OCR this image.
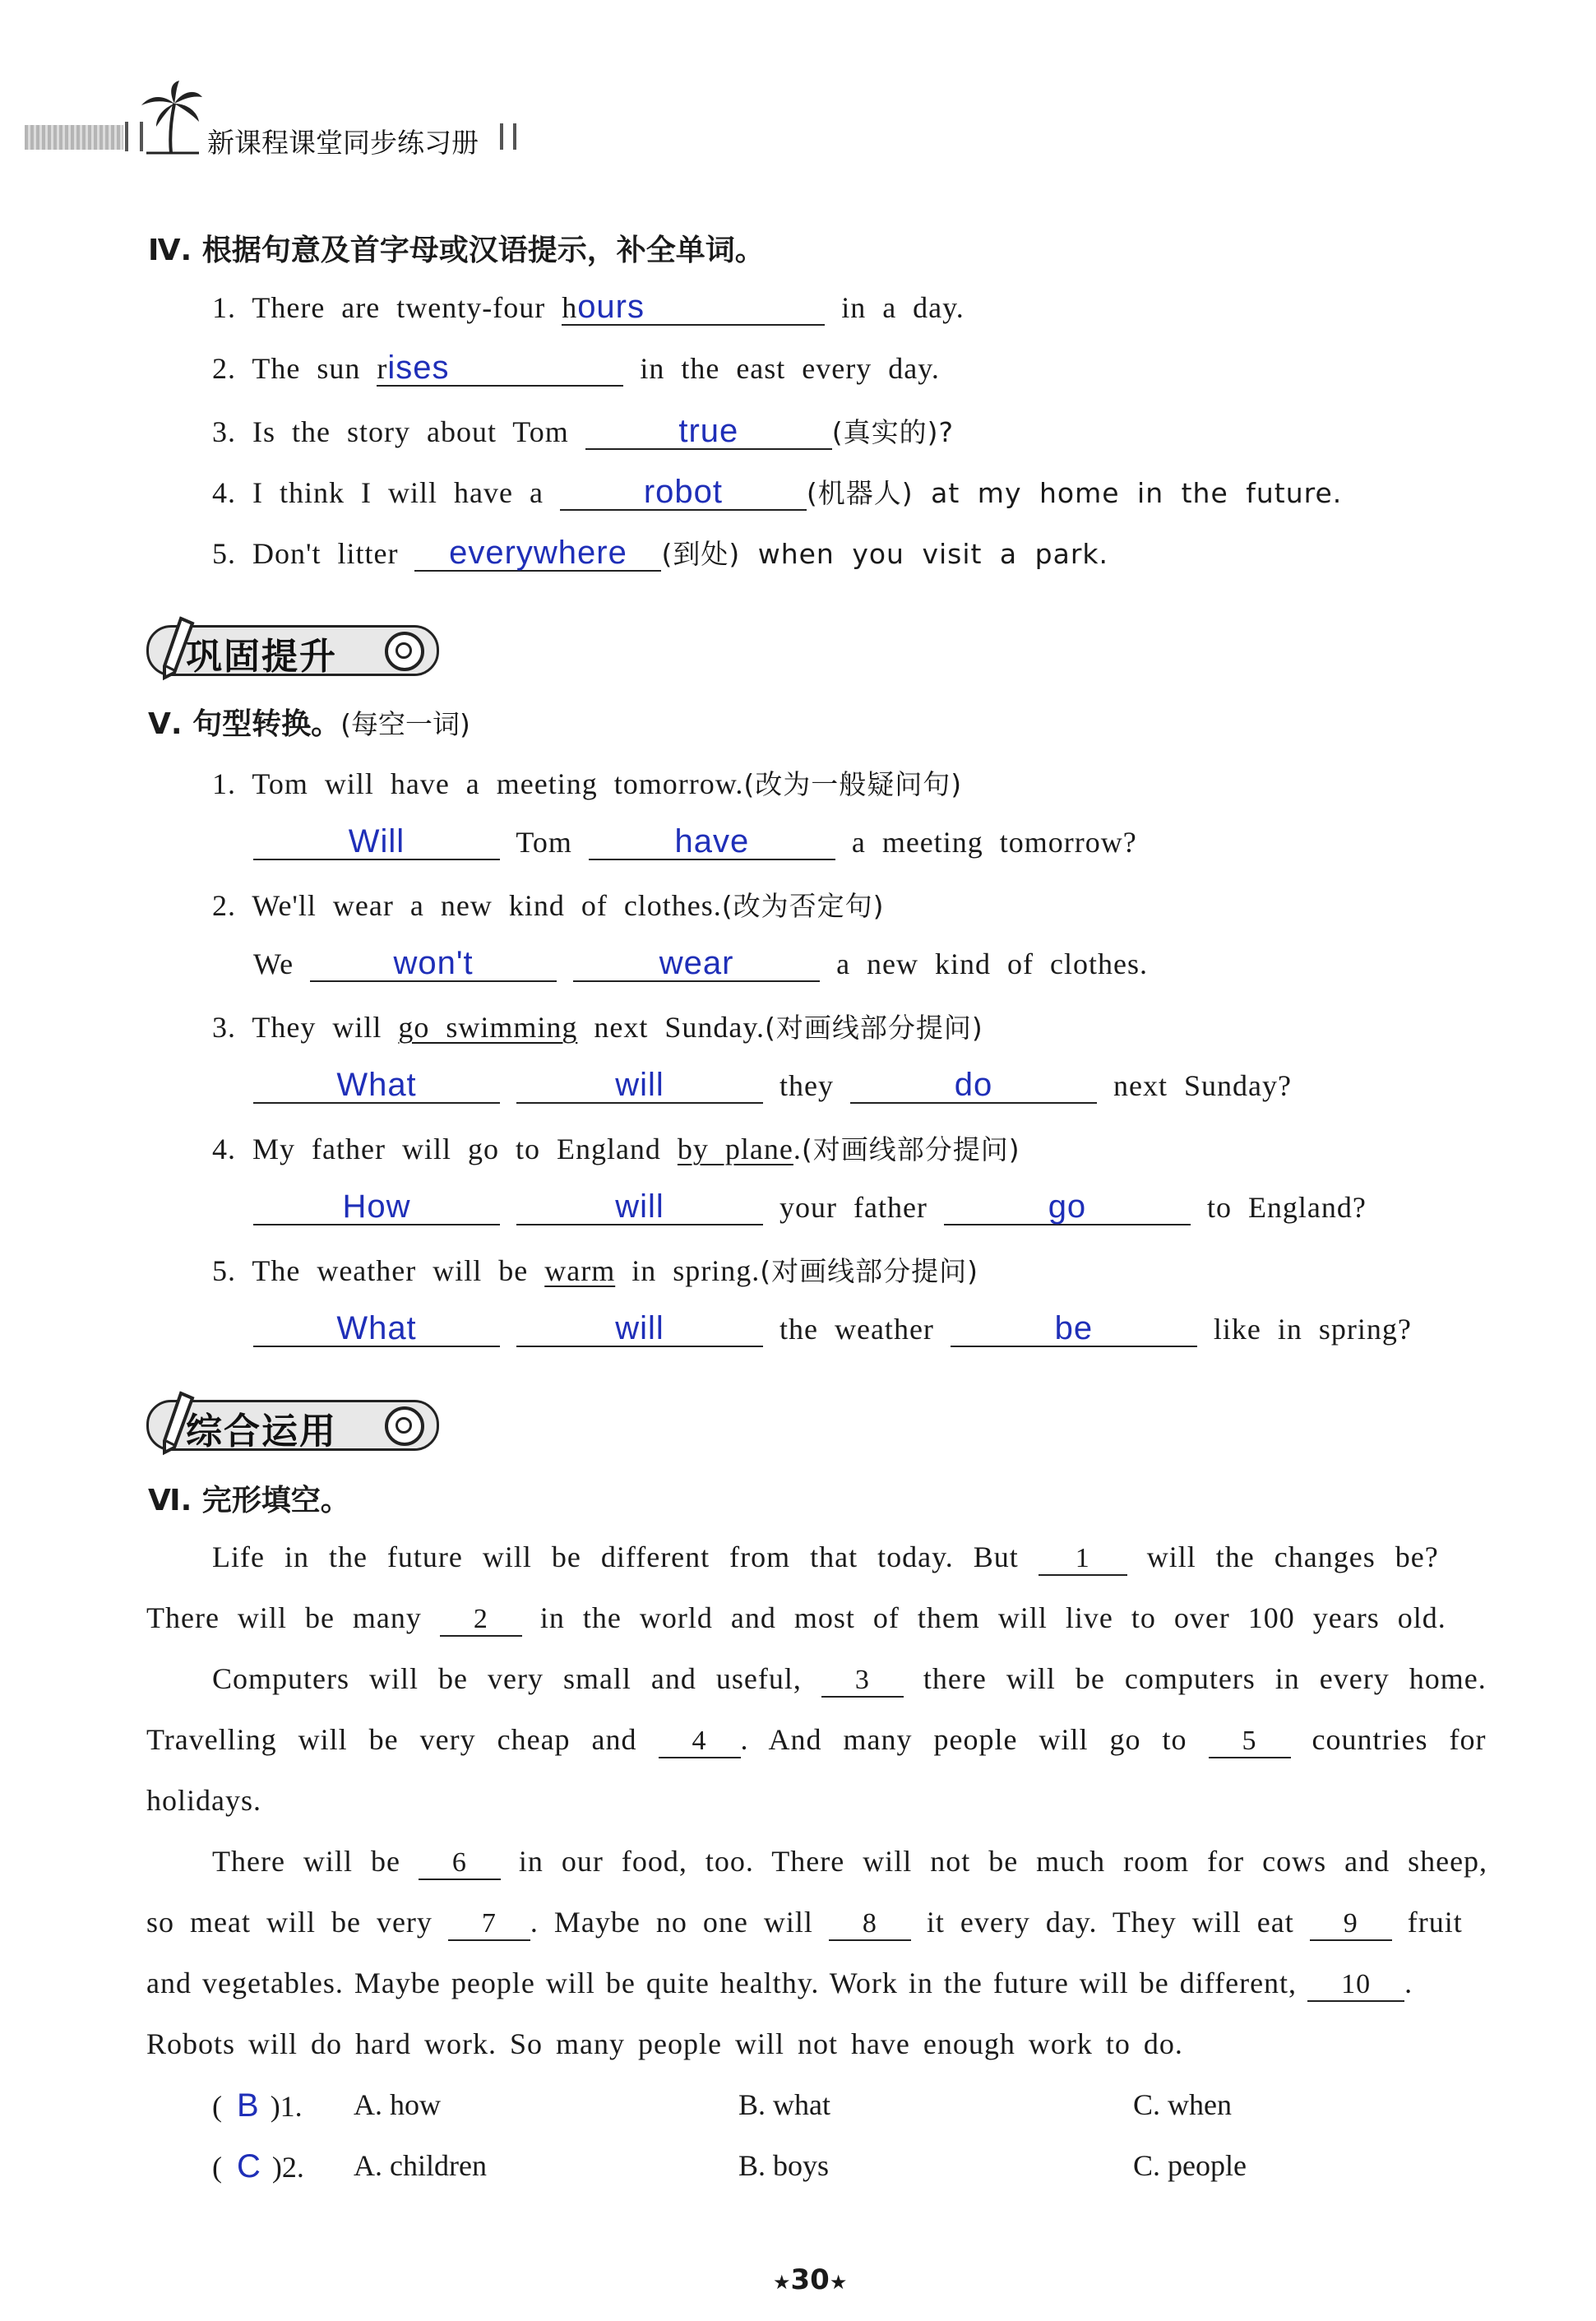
新课程课堂同步练习册
Ⅳ. 根据句意及首字母或汉语提示，补全单词。
1. There are twenty-four hours	in a day.
2. The sun rises	in the east every day.
3. Is the story about Tom	true	(真实的)?
4. I think I will have a	robot	(机器人) at my home in the future.
5. Don't litter everywhere (到处) when you visit a park.
巩固提升
Ⅴ. 句型转换。(每空一词)
1. Tom will have a meeting tomorrow.(改为一般疑问句)
Will	Tom	have	a meeting tomorrow?
2. We'll wear a new kind of clothes.(改为否定句)
We	won't	wear	a new kind of clothes.
3. They will go swimming next Sunday.(对画线部分提问)
What	will	they	do	next Sunday?
4. My father will go to England by plane.(对画线部分提问)
How	will	your father	go	to England?
5. The weather will be warm in spring.(对画线部分提问)
What	will	the weather	be	like in spring?
综合运用
Ⅵ. 完形填空。
Life in the future will be different from that today. But 1 will the changes be?
There will be many 2 in the world and most of them will live to over 100 years old.
Computers will be very small and useful, 3 there will be computers in every home.
Travelling will be very cheap and 4 . And many people will go to 5 countries for
holidays.
There will be 6 in our food, too. There will not be much room for cows and sheep,
so meat will be very 7 . Maybe no one will 8 it every day. They will eat 9 fruit
and vegetables. Maybe people will be quite healthy. Work in the future will be different, 10 .
Robots will do hard work. So many people will not have enough work to do.
(  B )1. A. how	B. what	C. when
(  C )2. A. children	B. boys	C. people
★30★
